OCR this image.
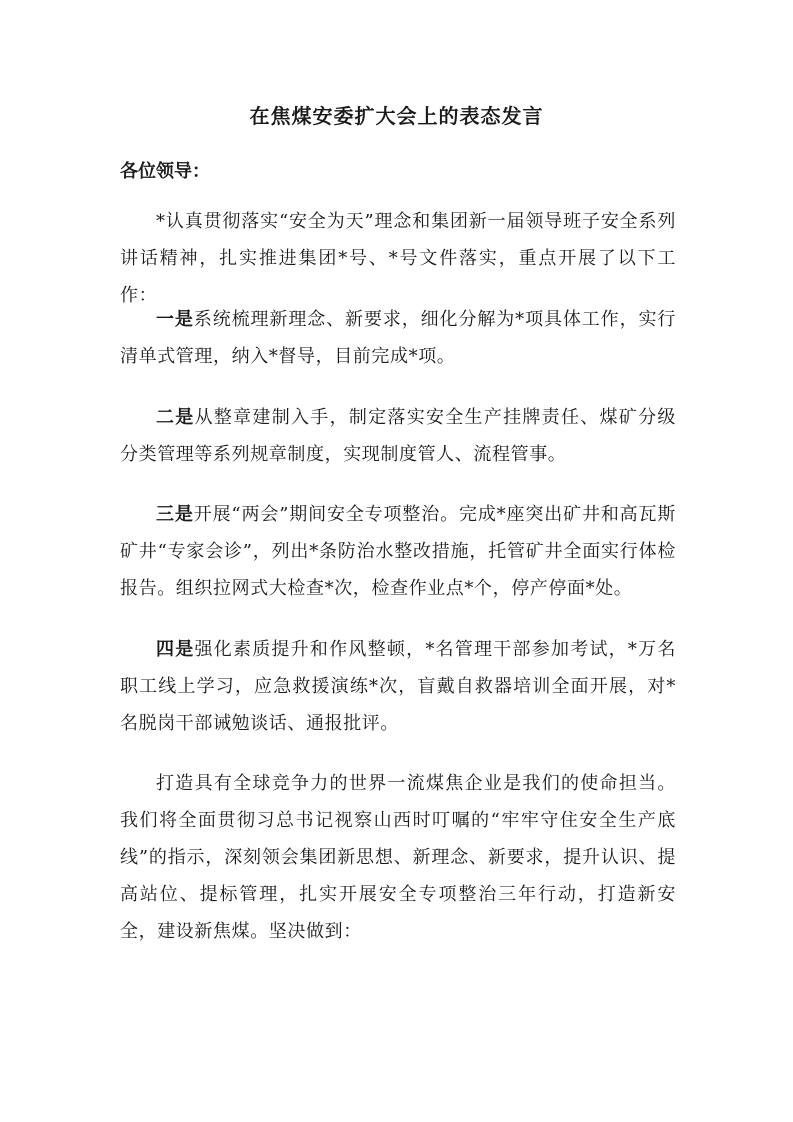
在焦煤安委扩大会上的表态发言

各位领导：

*认真贯彻落实“安全为天”理念和集团新一届领导班子安全系列讲话精神，扎实推进集团*号、*号文件落实，重点开展了以下工作：

一是系统梳理新理念、新要求，细化分解为*项具体工作，实行清单式管理，纳入*督导，目前完成*项。

二是从整章建制入手，制定落实安全生产挂牌责任、煤矿分级分类管理等系列规章制度，实现制度管人、流程管事。

三是开展“两会”期间安全专项整治。完成*座突出矿井和高瓦斯矿井“专家会诊”，列出*条防治水整改措施，托管矿井全面实行体检报告。组织拉网式大检查*次，检查作业点*个，停产停面*处。

四是强化素质提升和作风整顿，*名管理干部参加考试，*万名职工线上学习，应急救援演练*次，盲戴自救器培训全面开展，对*名脱岗干部诫勉谈话、通报批评。

打造具有全球竞争力的世界一流煤焦企业是我们的使命担当。我们将全面贯彻习总书记视察山西时叮嘱的“牢牢守住安全生产底线”的指示，深刻领会集团新思想、新理念、新要求，提升认识、提高站位、提标管理，扎实开展安全专项整治三年行动，打造新安全，建设新焦煤。坚决做到：
